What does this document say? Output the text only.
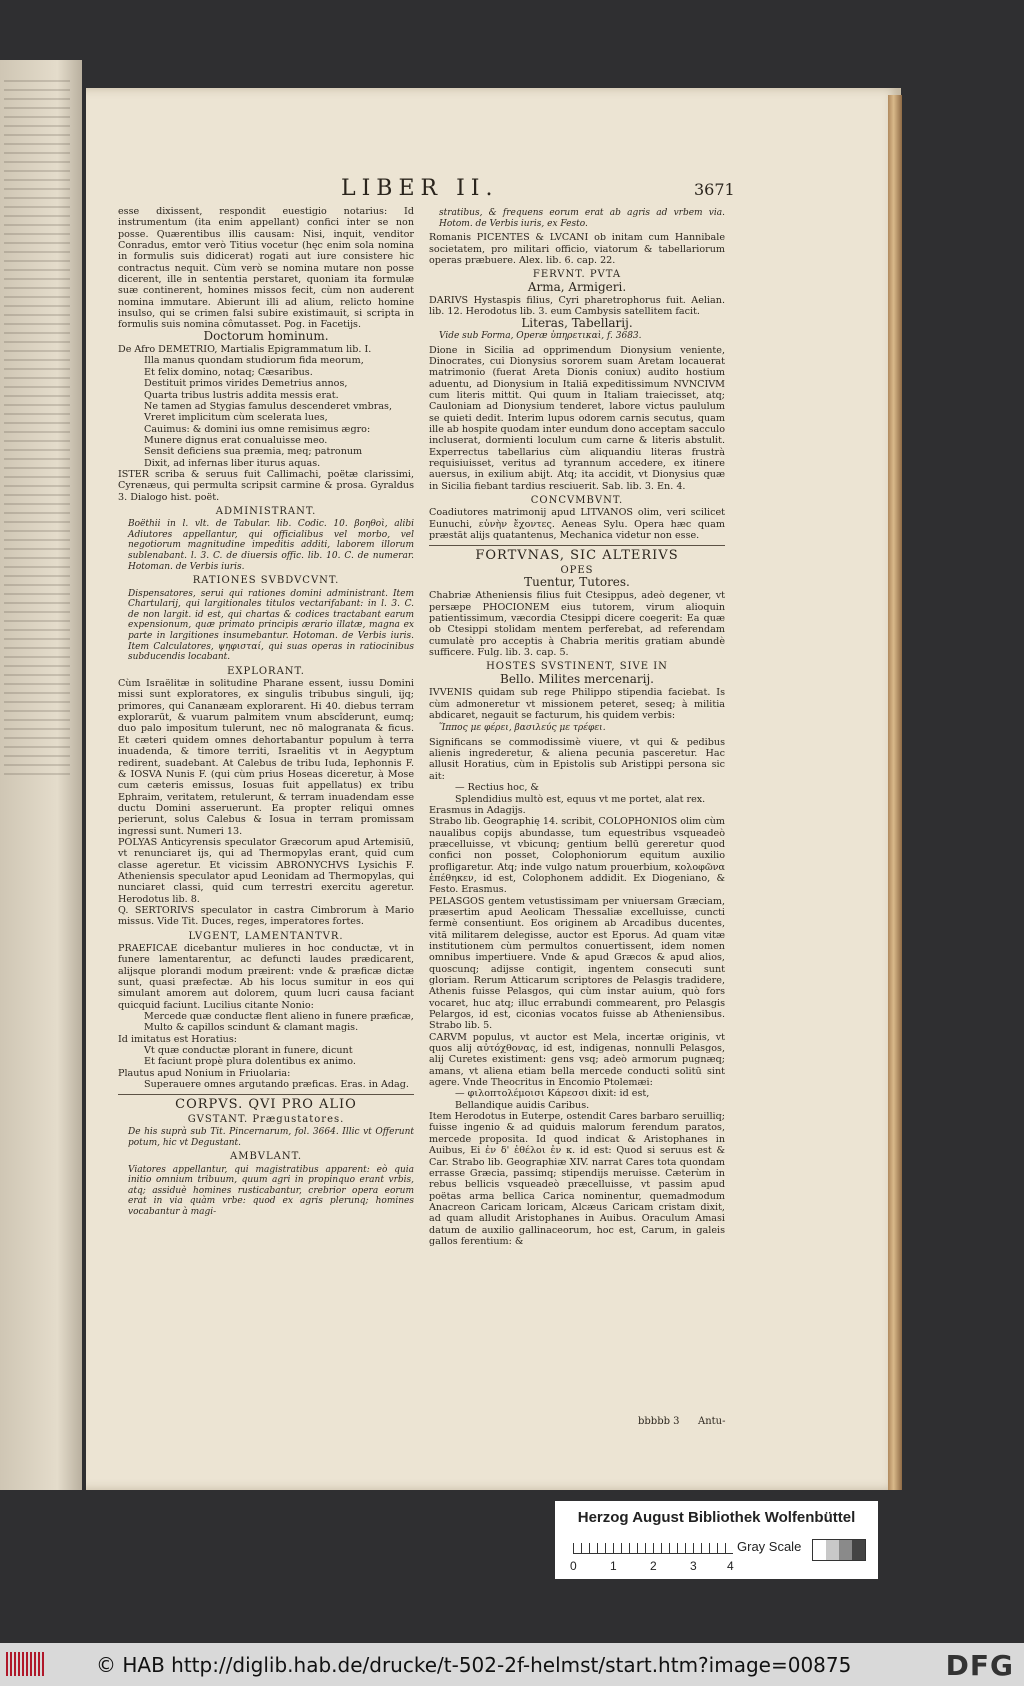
LIBER II.	3671

esse dixissent, respondit euestigio notarius: Id instrumentum (ita enim appellant) confici inter se non posse. Quærentibus illis causam: Nisi, inquit, venditor Conradus, emtor verò Titius vocetur (hęc enim sola nomina in formulis suis didicerat) rogati aut iure consistere hic contractus nequit. Cùm verò se nomina mutare non posse dicerent, ille in sententia perstaret, quoniam ita formulæ suæ continerent, homines missos fecit, cùm non auderent nomina immutare. Abierunt illi ad alium, relicto homine insulso, qui se crimen falsi subire existimauit, si scripta in formulis suis nomina cômutasset. Pog. in Facetijs.

Doctorum hominum.

De Afro DEMETRIO, Martialis Epigrammatum lib. I.

Illa manus quondam studiorum fida meorum,

Et felix domino, notaq; Cæsaribus.

Destituit primos virides Demetrius annos,

Quarta tribus lustris addita messis erat.

Ne tamen ad Stygias famulus descenderet vmbras,

Vreret implicitum cùm scelerata lues,

Cauimus: & domini ius omne remisimus ægro:

Munere dignus erat conualuisse meo.

Sensit deficiens sua præmia, meq; patronum

Dixit, ad infernas liber iturus aquas.

ISTER scriba & seruus fuit Callimachi, poëtæ clarissimi, Cyrenæus, qui permulta scripsit carmine & prosa. Gyraldus 3. Dialogo hist. poët.

ADMINISTRANT.

Boëthii in l. vlt. de Tabular. lib. Codic. 10. βοηθοὶ, alibi Adiutores appellantur, qui officialibus vel morbo, vel negotiorum magnitudine impeditis additi, laborem illorum sublenabant. l. 3. C. de diuersis offic. lib. 10. C. de numerar. Hotoman. de Verbis iuris.

RATIONES SVBDVCVNT.

Dispensatores, serui qui rationes domini administrant. Item Chartularij, qui largitionales titulos vectarifabant: in l. 3. C. de non largit. id est, qui chartas & codices tractabant earum expensionum, quæ primato principis ærario illatæ, magna ex parte in largitiones insumebantur. Hotoman. de Verbis iuris. Item Calculatores, ψηφισταί, qui suas operas in ratiocinibus subducendis locabant.

EXPLORANT.

Cùm Israëlitæ in solitudine Pharane essent, iussu Domini missi sunt exploratores, ex singulis tribubus singuli, ijq; primores, qui Cananæam explorarent. Hi 40. diebus terram explorarūt, & vuarum palmitem vnum abscîderunt, eumq; duo palo impositum tulerunt, nec nō malogranata & ficus. Et cæteri quidem omnes dehortabantur populum à terra inuadenda, & timore territi, Israelitis vt in Aegyptum redirent, suadebant. At Calebus de tribu Iuda, Iephonnis F. & IOSVA Nunis F. (qui cùm prius Hoseas diceretur, à Mose cum cæteris emissus, Iosuas fuit appellatus) ex tribu Ephraim, veritatem, retulerunt, & terram inuadendam esse ductu Domini asseruerunt. Ea propter reliqui omnes perierunt, solus Calebus & Iosua in terram promissam ingressi sunt. Numeri 13.

POLYAS Anticyrensis speculator Græcorum apud Artemisiū, vt renunciaret ijs, qui ad Thermopylas erant, quid cum classe ageretur. Et vicissim ABRONYCHVS Lysichis F. Atheniensis speculator apud Leonidam ad Thermopylas, qui nunciaret classi, quid cum terrestri exercitu ageretur. Herodotus lib. 8.

Q. SERTORIVS speculator in castra Cimbrorum à Mario missus. Vide Tit. Duces, reges, imperatores fortes.

LVGENT, LAMENTANTVR.

PRAEFICAE dicebantur mulieres in hoc conductæ, vt in funere lamentarentur, ac defuncti laudes prædicarent, alijsque plorandi modum præirent: vnde & præficæ dictæ sunt, quasi præfectæ. Ab his locus sumitur in eos qui simulant amorem aut dolorem, quum lucri causa faciant quicquid faciunt. Lucilius citante Nonio:

Mercede quæ conductæ flent alieno in funere præficæ,

Multo & capillos scindunt & clamant magis.

Id imitatus est Horatius:

Vt quæ conductæ plorant in funere, dicunt

Et faciunt propè plura dolentibus ex animo.

Plautus apud Nonium in Friuolaria:

Superauere omnes argutando præficas. Eras. in Adag.

CORPVS. QVI PRO ALIO

GVSTANT. Prægustatores.

De his suprà sub Tit. Pincernarum, fol. 3664. Illic vt Offerunt potum, hic vt Degustant.

AMBVLANT.

Viatores appellantur, qui magistratibus apparent: eò quia initio omnium tribuum, quum agri in propinquo erant vrbis, atq; assiduè homines rusticabantur, crebrior opera eorum erat in via quàm vrbe: quod ex agris plerunq; homines vocabantur à magi-

stratibus, & frequens eorum erat ab agris ad vrbem via. Hotom. de Verbis iuris, ex Festo.

Romanis PICENTES & LVCANI ob initam cum Hannibale societatem, pro militari officio, viatorum & tabellariorum operas præbuere. Alex. lib. 6. cap. 22.

FERVNT. PVTA

Arma, Armigeri.

DARIVS Hystaspis filius, Cyri pharetrophorus fuit. Aelian. lib. 12. Herodotus lib. 3. eum Cambysis satellitem facit.

Literas, Tabellarij.

Vide sub Forma, Operæ ὑπηρετικαὶ, f. 3683.

Dione in Sicilia ad opprimendum Dionysium veniente, Dinocrates, cui Dionysius sororem suam Aretam locauerat matrimonio (fuerat Areta Dionis coniux) audito hostium aduentu, ad Dionysium in Italiā expeditissimum NVNCIVM cum literis mittit. Qui quum in Italiam traiecisset, atq; Cauloniam ad Dionysium tenderet, labore victus paululum se quieti dedit. Interim lupus odorem carnis secutus, quam ille ab hospite quodam inter eundum dono acceptam sacculo incluserat, dormienti loculum cum carne & literis abstulit. Experrectus tabellarius cùm aliquandiu literas frustrà requisiuisset, veritus ad tyrannum accedere, ex itinere auersus, in exilium abijt. Atq; ita accidit, vt Dionysius quæ in Sicilia fiebant tardius resciuerit. Sab. lib. 3. En. 4.

CONCVMBVNT.

Coadiutores matrimonij apud LITVANOS olim, veri scilicet Eunuchi, εὐνὴν ἔχοντες. Aeneas Sylu. Opera hæc quam præstāt alijs quatantenus, Mechanica videtur non esse.

FORTVNAS, SIC ALTERIVS

OPES

Tuentur, Tutores.

Chabriæ Atheniensis filius fuit Ctesippus, adeò degener, vt persæpe PHOCIONEM eius tutorem, virum alioquin patientissimum, væcordia Ctesippi dicere coegerit: Ea quæ ob Ctesippi stolidam mentem perferebat, ad referendam cumulatè pro acceptis à Chabria meritis gratiam abundè sufficere. Fulg. lib. 3. cap. 5.

HOSTES SVSTINENT, SIVE IN

Bello. Milites mercenarij.

IVVENIS quidam sub rege Philippo stipendia faciebat. Is cùm admoneretur vt missionem peteret, seseq; à militia abdicaret, negauit se facturum, his quidem verbis:

Ἵππος με φέρει, βασιλεύς με τρέφει.

Significans se commodissimè viuere, vt qui & pedibus alienis ingrederetur, & aliena pecunia pasceretur. Hac allusit Horatius, cùm in Epistolis sub Aristippi persona sic ait:

— Rectius hoc, &

Splendidius multò est, equus vt me portet, alat rex.

Erasmus in Adagijs.

Strabo lib. Geographię 14. scribit, COLOPHONIOS olim cùm naualibus copijs abundasse, tum equestribus vsqueadeò præcelluisse, vt vbicunq; gentium bellū gereretur quod confici non posset, Colophoniorum equitum auxilio profligaretur. Atq; inde vulgo natum prouerbium, κολοφῶνα ἐπέθηκεν, id est, Colophonem addidit. Ex Diogeniano, & Festo. Erasmus.

PELASGOS gentem vetustissimam per vniuersam Græciam, præsertim apud Aeolicam Thessaliæ excelluisse, cuncti fermè consentiunt. Eos originem ab Arcadibus ducentes, vitā militarem delegisse, auctor est Eporus. Ad quam vitæ institutionem cùm permultos conuertissent, idem nomen omnibus impertiuere. Vnde & apud Græcos & apud alios, quoscunq; adijsse contigit, ingentem consecuti sunt gloriam. Rerum Atticarum scriptores de Pelasgis tradidere, Athenis fuisse Pelasgos, qui cùm instar auium, quò fors vocaret, huc atq; illuc errabundi commearent, pro Pelasgis Pelargos, id est, ciconias vocatos fuisse ab Atheniensibus. Strabo lib. 5.

CARVM populus, vt auctor est Mela, incertæ originis, vt quos alij αὐτόχθονας, id est, indigenas, nonnulli Pelasgos, alij Curetes existiment: gens vsq; adeò armorum pugnæq; amans, vt aliena etiam bella mercede conducti solitū sint agere. Vnde Theocritus in Encomio Ptolemæi:

— φιλοπτολέμοισι Κάρεσσι dixit: id est,

Bellandique auidis Caribus.

Item Herodotus in Euterpe, ostendit Cares barbaro seruilliq; fuisse ingenio & ad quiduis malorum ferendum paratos, mercede proposita. Id quod indicat & Aristophanes in Auibus, Ei ἐν δ' ἐθέλοι ἐν κ. id est: Quod si seruus est & Car. Strabo lib. Geographiæ XIV. narrat Cares tota quondam errasse Græcia, passimq; stipendijs meruisse. Cæterùm in rebus bellicis vsqueadeò præcelluisse, vt passim apud poëtas arma bellica Carica nominentur, quemadmodum Anacreon Caricam loricam, Alcæus Caricam cristam dixit, ad quam alludit Aristophanes in Auibus. Oraculum Amasi datum de auxilio gallinaceorum, hoc est, Carum, in galeis gallos ferentium: &

bbbbb 3 Antu-
Herzog August Bibliothek Wolfenbüttel
0	1	2	3	4
Gray Scale
© HAB http://diglib.hab.de/drucke/t-502-2f-helmst/start.htm?image=00875	DFG
